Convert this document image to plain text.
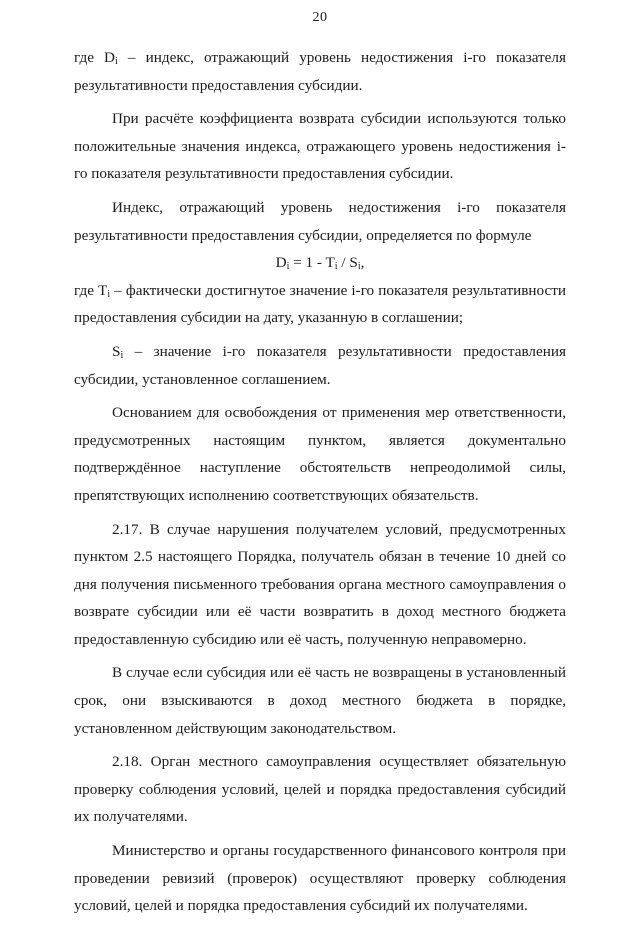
20

где $D_i$ – индекс, отражающий уровень недостижения i-го показателя результативности предоставления субсидии.

При расчёте коэффициента возврата субсидии используются только положительные значения индекса, отражающего уровень недостижения i-го показателя результативности предоставления субсидии.

Индекс, отражающий уровень недостижения i-го показателя результативности предоставления субсидии, определяется по формуле

$D_i = 1 - T_i / S_i$,

где $T_i$ – фактически достигнутое значение i-го показателя результативности предоставления субсидии на дату, указанную в соглашении;

$S_i$ – значение i-го показателя результативности предоставления субсидии, установленное соглашением.

Основанием для освобождения от применения мер ответственности, предусмотренных настоящим пунктом, является документально подтверждённое наступление обстоятельств непреодолимой силы, препятствующих исполнению соответствующих обязательств.

2.17. В случае нарушения получателем условий, предусмотренных пунктом 2.5 настоящего Порядка, получатель обязан в течение 10 дней со дня получения письменного требования органа местного самоуправления о возврате субсидии или её части возвратить в доход местного бюджета предоставленную субсидию или её часть, полученную неправомерно.

В случае если субсидия или её часть не возвращены в установленный срок, они взыскиваются в доход местного бюджета в порядке, установленном действующим законодательством.

2.18. Орган местного самоуправления осуществляет обязательную проверку соблюдения условий, целей и порядка предоставления субсидий их получателями.

Министерство и органы государственного финансового контроля при проведении ревизий (проверок) осуществляют проверку соблюдения условий, целей и порядка предоставления субсидий их получателями.
